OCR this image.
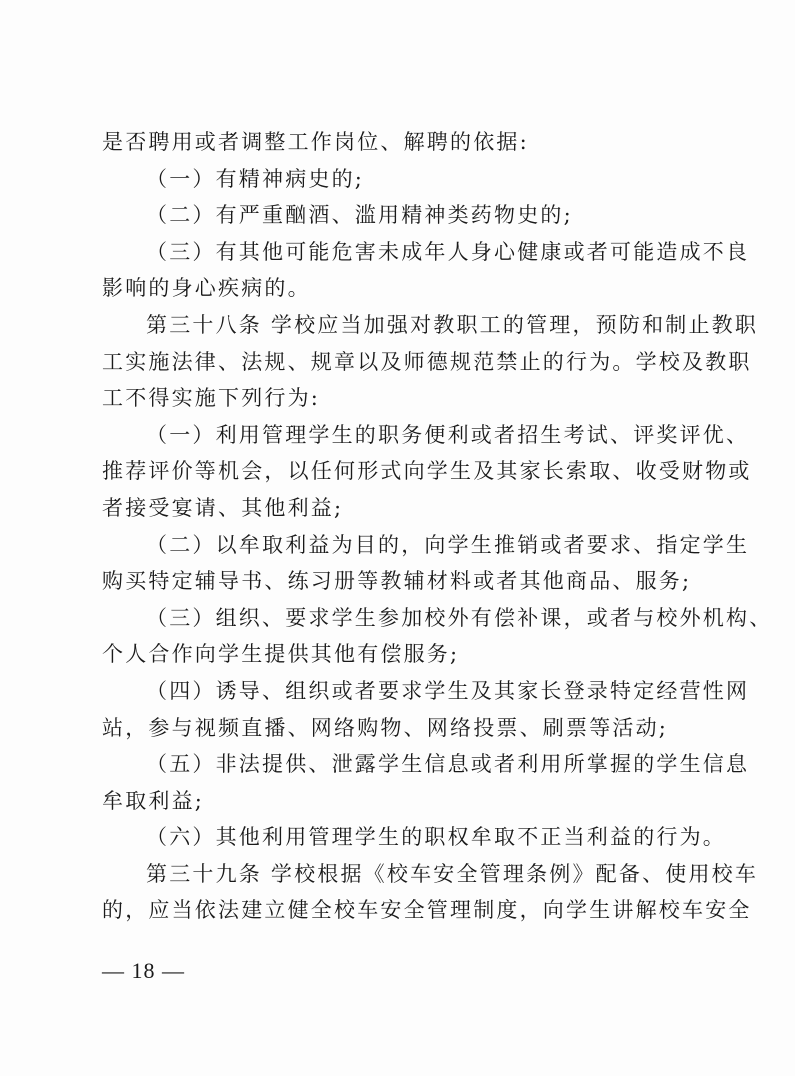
是否聘用或者调整工作岗位、解聘的依据:
（一）有精神病史的;
（二）有严重酗酒、滥用精神类药物史的;
（三）有其他可能危害未成年人身心健康或者可能造成不良
影响的身心疾病的。
第三十八条 学校应当加强对教职工的管理，预防和制止教职
工实施法律、法规、规章以及师德规范禁止的行为。学校及教职
工不得实施下列行为:
（一）利用管理学生的职务便利或者招生考试、评奖评优、
推荐评价等机会，以任何形式向学生及其家长索取、收受财物或
者接受宴请、其他利益;
（二）以牟取利益为目的，向学生推销或者要求、指定学生
购买特定辅导书、练习册等教辅材料或者其他商品、服务;
（三）组织、要求学生参加校外有偿补课，或者与校外机构、
个人合作向学生提供其他有偿服务;
（四）诱导、组织或者要求学生及其家长登录特定经营性网
站，参与视频直播、网络购物、网络投票、刷票等活动;
（五）非法提供、泄露学生信息或者利用所掌握的学生信息
牟取利益;
（六）其他利用管理学生的职权牟取不正当利益的行为。
第三十九条 学校根据《校车安全管理条例》配备、使用校车
的，应当依法建立健全校车安全管理制度，向学生讲解校车安全
— 18 —
